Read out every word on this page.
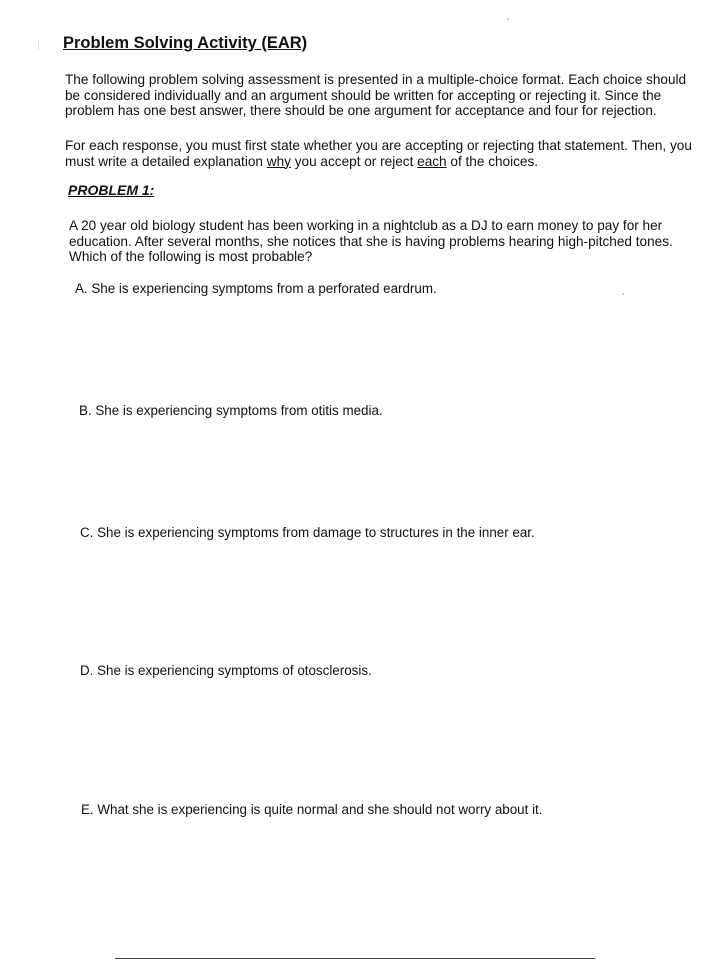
Problem Solving Activity (EAR)
The following problem solving assessment is presented in a multiple-choice format. Each choice should be considered individually and an argument should be written for accepting or rejecting it. Since the problem has one best answer, there should be one argument for acceptance and four for rejection.
For each response, you must first state whether you are accepting or rejecting that statement. Then, you must write a detailed explanation why you accept or reject each of the choices.
PROBLEM 1:
A 20 year old biology student has been working in a nightclub as a DJ to earn money to pay for her education. After several months, she notices that she is having problems hearing high-pitched tones. Which of the following is most probable?
A. She is experiencing symptoms from a perforated eardrum.
B. She is experiencing symptoms from otitis media.
C. She is experiencing symptoms from damage to structures in the inner ear.
D. She is experiencing symptoms of otosclerosis.
E. What she is experiencing is quite normal and she should not worry about it.
